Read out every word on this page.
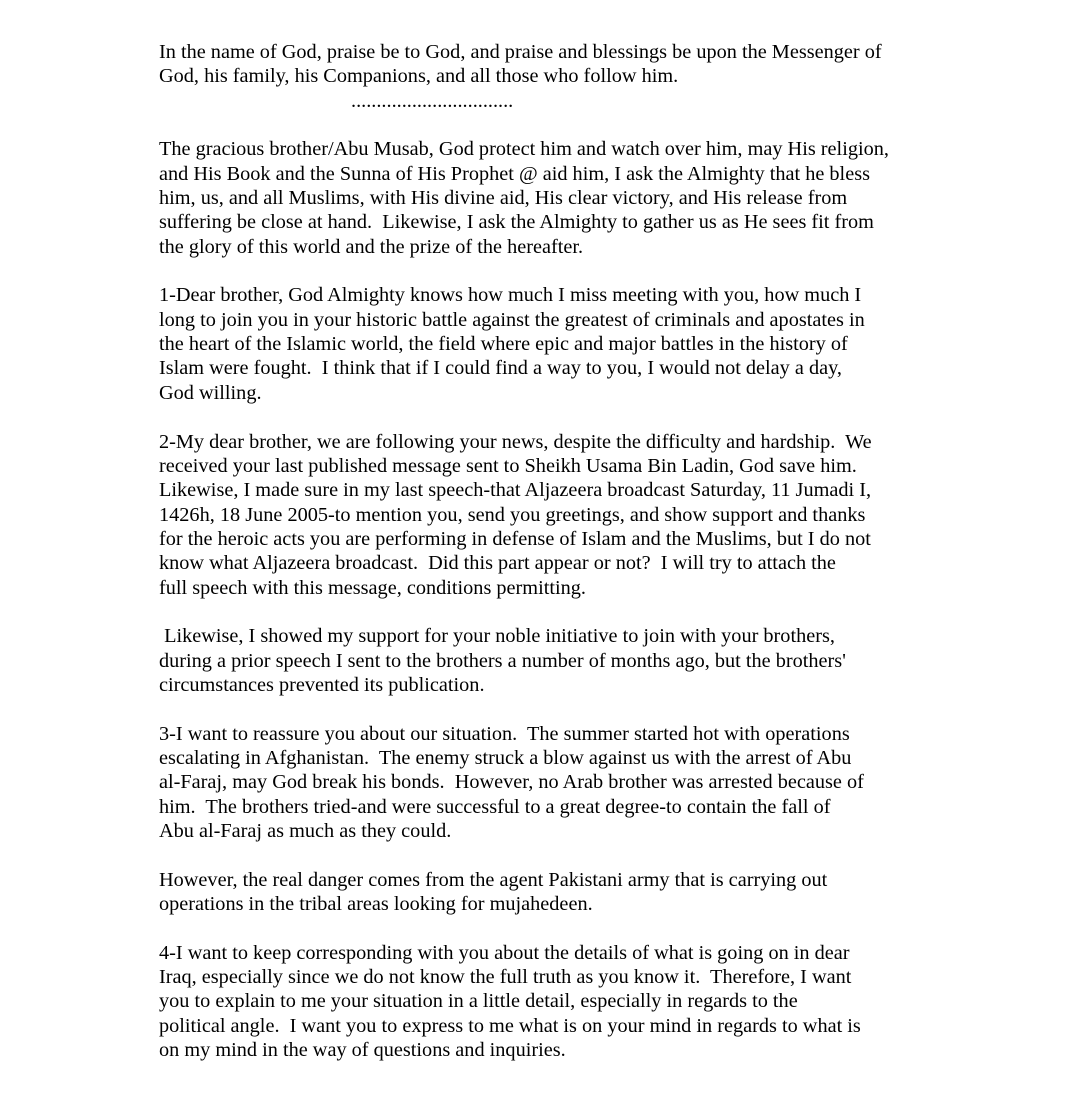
In the name of God, praise be to God, and praise and blessings be upon the Messenger of
God, his family, his Companions, and all those who follow him.
................................
The gracious brother/Abu Musab, God protect him and watch over him, may His religion,
and His Book and the Sunna of His Prophet @ aid him, I ask the Almighty that he bless
him, us, and all Muslims, with His divine aid, His clear victory, and His release from
suffering be close at hand.  Likewise, I ask the Almighty to gather us as He sees fit from
the glory of this world and the prize of the hereafter.
1-Dear brother, God Almighty knows how much I miss meeting with you, how much I
long to join you in your historic battle against the greatest of criminals and apostates in
the heart of the Islamic world, the field where epic and major battles in the history of
Islam were fought.  I think that if I could find a way to you, I would not delay a day,
God willing.
2-My dear brother, we are following your news, despite the difficulty and hardship.  We
received your last published message sent to Sheikh Usama Bin Ladin, God save him.
Likewise, I made sure in my last speech-that Aljazeera broadcast Saturday, 11 Jumadi I,
1426h, 18 June 2005-to mention you, send you greetings, and show support and thanks
for the heroic acts you are performing in defense of Islam and the Muslims, but I do not
know what Aljazeera broadcast.  Did this part appear or not?  I will try to attach the
full speech with this message, conditions permitting.
Likewise, I showed my support for your noble initiative to join with your brothers,
during a prior speech I sent to the brothers a number of months ago, but the brothers'
circumstances prevented its publication.
3-I want to reassure you about our situation.  The summer started hot with operations
escalating in Afghanistan.  The enemy struck a blow against us with the arrest of Abu
al-Faraj, may God break his bonds.  However, no Arab brother was arrested because of
him.  The brothers tried-and were successful to a great degree-to contain the fall of
Abu al-Faraj as much as they could.
However, the real danger comes from the agent Pakistani army that is carrying out
operations in the tribal areas looking for mujahedeen.
4-I want to keep corresponding with you about the details of what is going on in dear
Iraq, especially since we do not know the full truth as you know it.  Therefore, I want
you to explain to me your situation in a little detail, especially in regards to the
political angle.  I want you to express to me what is on your mind in regards to what is
on my mind in the way of questions and inquiries.
